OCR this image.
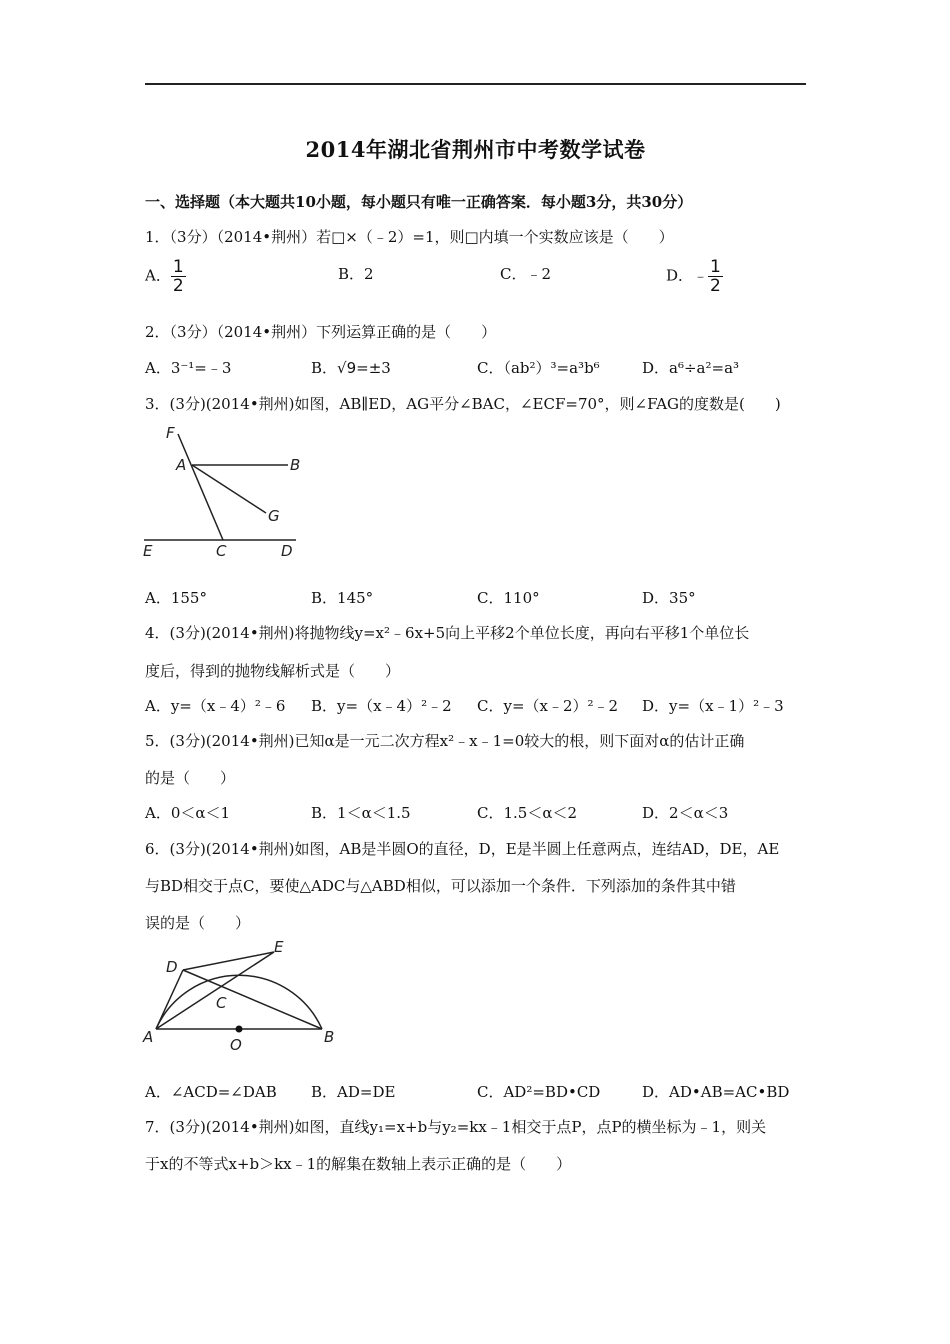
2014年湖北省荆州市中考数学试卷
一、选择题（本大题共10小题，每小题只有唯一正确答案．每小题3分，共30分）
1．（3分）（2014•荆州）若□×（﹣2）=1，则□内填一个实数应该是（　　）
A． $\frac{1}{2}$	B．2	C．﹣2	D．﹣ $\frac{1}{2}$
2．（3分）（2014•荆州）下列运算正确的是（　　）
A．3⁻¹=﹣3	B．√9=±3	C．（ab²）³=a³b⁶	D．a⁶÷a²=a³
3．(3分)(2014•荆州)如图，AB∥ED，AG平分∠BAC，∠ECF=70°，则∠FAG的度数是(　　)
F
A	B
G
E	C	D
A．155°	B．145°	C．110°	D．35°
4．(3分)(2014•荆州)将抛物线y=x²﹣6x+5向上平移2个单位长度，再向右平移1个单位长
度后，得到的抛物线解析式是（　　）
A．y=（x﹣4）²﹣6 B．y=（x﹣4）²﹣2 C．y=（x﹣2）²﹣2 D．y=（x﹣1）²﹣3
5．(3分)(2014•荆州)已知α是一元二次方程x²﹣x﹣1=0较大的根，则下面对α的估计正确
的是（　　）
A．0＜α＜1	B．1＜α＜1.5	C．1.5＜α＜2	D．2＜α＜3
6．(3分)(2014•荆州)如图，AB是半圆O的直径，D，E是半圆上任意两点，连结AD，DE，AE
与BD相交于点C，要使△ADC与△ABD相似，可以添加一个条件．下列添加的条件其中错
误的是（　　）
D
E
C
A	O	B
A．∠ACD=∠DAB B．AD=DE	C．AD²=BD•CD	D．AD•AB=AC•BD
7．(3分)(2014•荆州)如图，直线y₁=x+b与y₂=kx﹣1相交于点P，点P的横坐标为﹣1，则关
于x的不等式x+b＞kx﹣1的解集在数轴上表示正确的是（　　）
